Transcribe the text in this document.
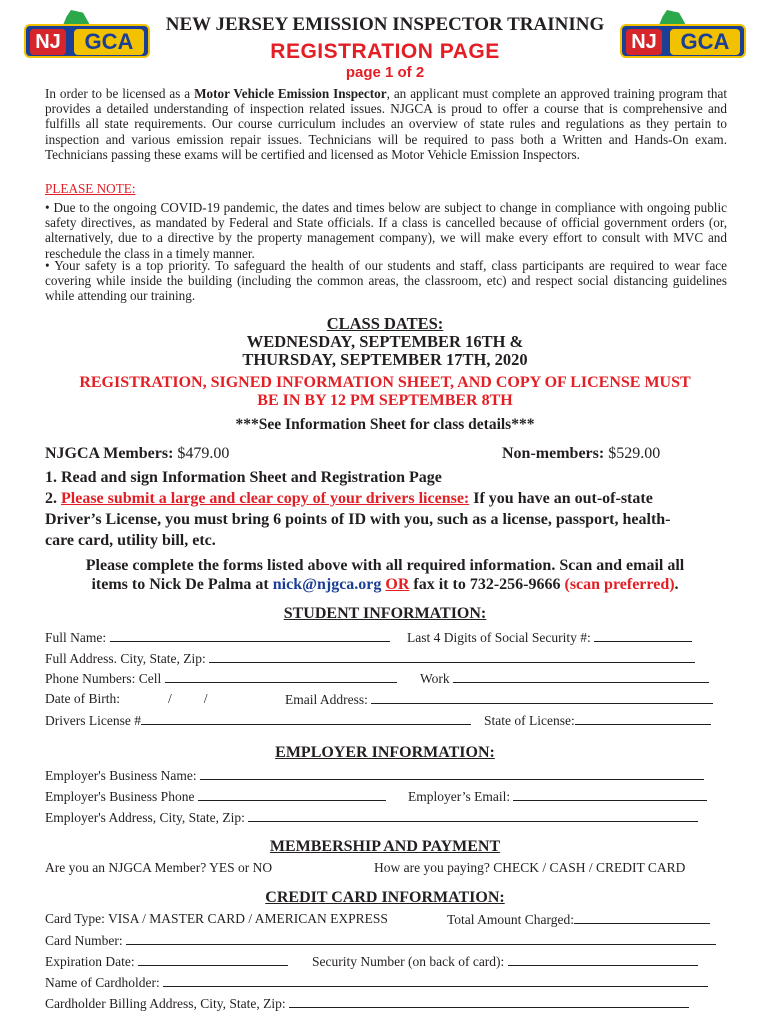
NJ	GCA	NJ	GCA
NEW JERSEY EMISSION INSPECTOR TRAINING
REGISTRATION PAGE
page 1 of 2
In order to be licensed as a Motor Vehicle Emission Inspector, an applicant must complete an approved training program that provides a detailed understanding of inspection related issues. NJGCA is proud to offer a course that is comprehensive and fulfills all state requirements. Our course curriculum includes an overview of state rules and regulations as they pertain to inspection and various emission repair issues. Technicians will be required to pass both a Written and Hands-On exam. Technicians passing these exams will be certified and licensed as Motor Vehicle Emission Inspectors.
PLEASE NOTE:
• Due to the ongoing COVID-19 pandemic, the dates and times below are subject to change in compliance with ongoing public safety directives, as mandated by Federal and State officials. If a class is cancelled because of official government orders (or, alternatively, due to a directive by the property management company), we will make every effort to consult with MVC and reschedule the class in a timely manner.
• Your safety is a top priority. To safeguard the health of our students and staff, class participants are required to wear face covering while inside the building (including the common areas, the classroom, etc) and respect social distancing guidelines while attending our training.
CLASS DATES:
WEDNESDAY, SEPTEMBER 16TH &
THURSDAY, SEPTEMBER 17TH, 2020
REGISTRATION, SIGNED INFORMATION SHEET, AND COPY OF LICENSE MUST
BE IN BY 12 PM SEPTEMBER 8TH
***See Information Sheet for class details***
NJGCA Members: $479.00	Non-members: $529.00
1. Read and sign Information Sheet and Registration Page
2. Please submit a large and clear copy of your drivers license: If you have an out-of-state
Driver’s License, you must bring 6 points of ID with you, such as a license, passport, health-
care card, utility bill, etc.
Please complete the forms listed above with all required information. Scan and email all
items to Nick De Palma at nick@njgca.org OR fax it to 732-256-9666 (scan preferred).
STUDENT INFORMATION:
Full Name:	Last 4 Digits of Social Security #:
Full Address. City, State, Zip:
Phone Numbers: Cell	Work
Date of Birth:	/ /	Email Address:
Drivers License #	State of License:
EMPLOYER INFORMATION:
Employer's Business Name:
Employer's Business Phone	Employer’s Email:
Employer's Address, City, State, Zip:
MEMBERSHIP AND PAYMENT
Are you an NJGCA Member? YES or NO	How are you paying? CHECK / CASH / CREDIT CARD
CREDIT CARD INFORMATION:
Card Type: VISA / MASTER CARD / AMERICAN EXPRESS	Total Amount Charged:
Card Number:
Expiration Date:	Security Number (on back of card):
Name of Cardholder:
Cardholder Billing Address, City, State, Zip:
